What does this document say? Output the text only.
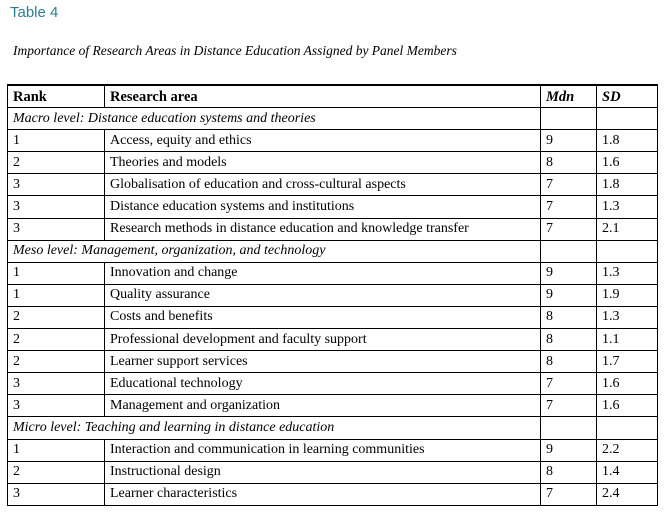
Table 4

Importance of Research Areas in Distance Education Assigned by Panel Members

Rank	Research area	Mdn	SD
Macro level: Distance education systems and theories			
1	Access, equity and ethics	9	1.8
2	Theories and models	8	1.6
3	Globalisation of education and cross-cultural aspects	7	1.8
3	Distance education systems and institutions	7	1.3
3	Research methods in distance education and knowledge transfer	7	2.1
Meso level: Management, organization, and technology			
1	Innovation and change	9	1.3
1	Quality assurance	9	1.9
2	Costs and benefits	8	1.3
2	Professional development and faculty support	8	1.1
2	Learner support services	8	1.7
3	Educational technology	7	1.6
3	Management and organization	7	1.6
Micro level: Teaching and learning in distance education			
1	Interaction and communication in learning communities	9	2.2
2	Instructional design	8	1.4
3	Learner characteristics	7	2.4
